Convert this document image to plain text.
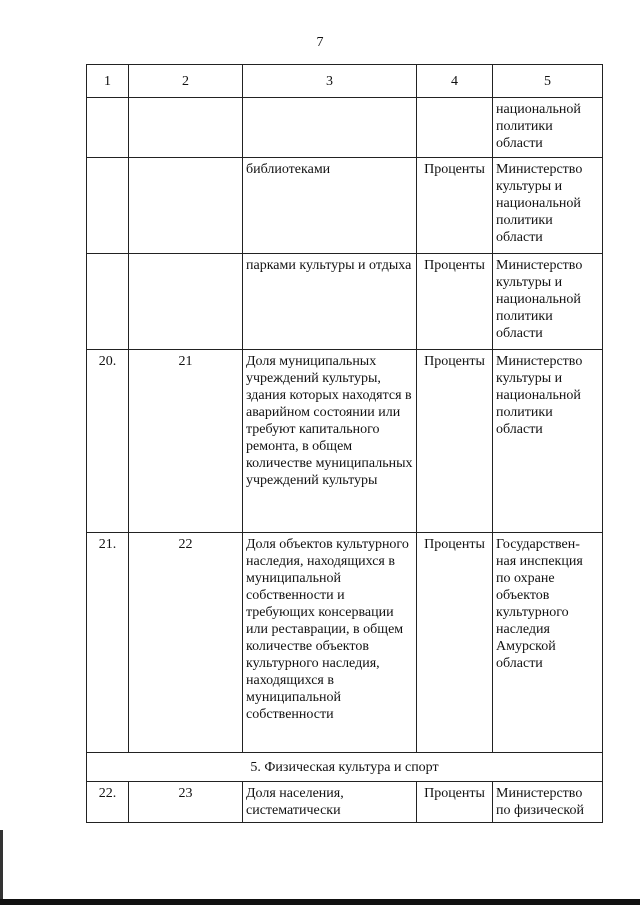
7
1	2	3	4	5
				национальной политики области
		библиотеками	Проценты	Министерство культуры и национальной политики области
		парками культуры и отдыха	Проценты	Министерство культуры и национальной политики области
20.	21	Доля муниципальных учреждений культуры, здания которых находятся в аварийном состоянии или требуют капитального ремонта, в общем количестве муниципальных учреждений культуры	Проценты	Министерство культуры и национальной политики области
21.	22	Доля объектов культурного наследия, находящихся в муниципальной собственности и требующих консервации или реставрации, в общем количестве объектов культурного наследия, находящихся в муниципальной собственности	Проценты	Государствен-ная инспекция по охране объектов культурного наследия Амурской области
5. Физическая культура и спорт				
22.	23	Доля населения, систематически	Проценты	Министерство по физической
